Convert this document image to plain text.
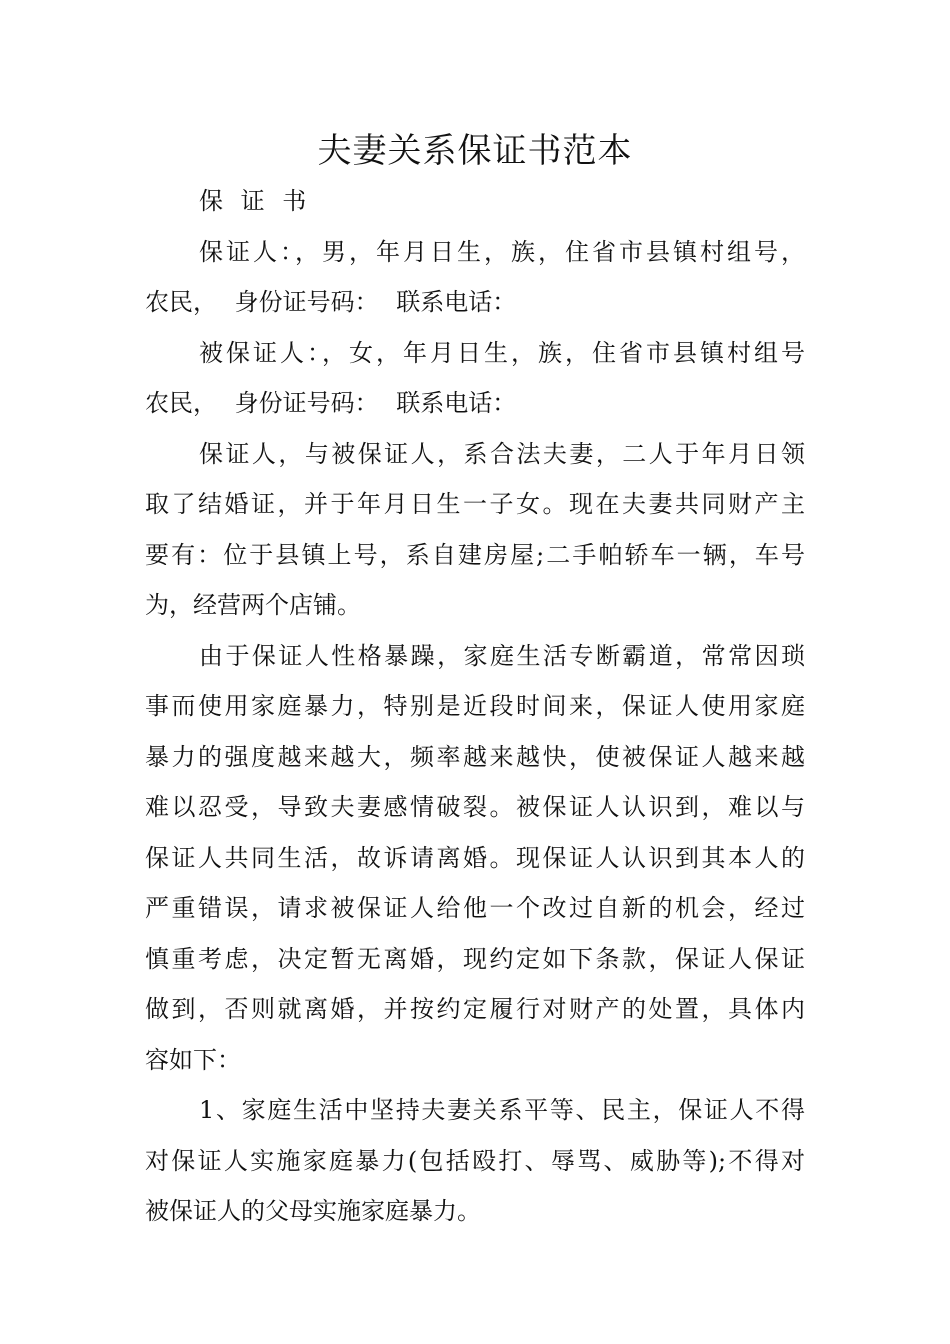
夫妻关系保证书范本

保 证 书

保证人：，男，年月日生，族，住省市县镇村组号，
农民， 身份证号码： 联系电话：

被保证人：，女，年月日生，族，住省市县镇村组号
农民， 身份证号码： 联系电话：

保证人，与被保证人，系合法夫妻，二人于年月日领
取了结婚证，并于年月日生一子女。现在夫妻共同财产主
要有：位于县镇上号，系自建房屋;二手帕轿车一辆，车号
为，经营两个店铺。

由于保证人性格暴躁，家庭生活专断霸道，常常因琐
事而使用家庭暴力，特别是近段时间来，保证人使用家庭
暴力的强度越来越大，频率越来越快，使被保证人越来越
难以忍受，导致夫妻感情破裂。被保证人认识到，难以与
保证人共同生活，故诉请离婚。现保证人认识到其本人的
严重错误，请求被保证人给他一个改过自新的机会，经过
慎重考虑，决定暂无离婚，现约定如下条款，保证人保证
做到，否则就离婚，并按约定履行对财产的处置，具体内
容如下：

1、家庭生活中坚持夫妻关系平等、民主，保证人不得
对保证人实施家庭暴力(包括殴打、辱骂、威胁等);不得对
被保证人的父母实施家庭暴力。
